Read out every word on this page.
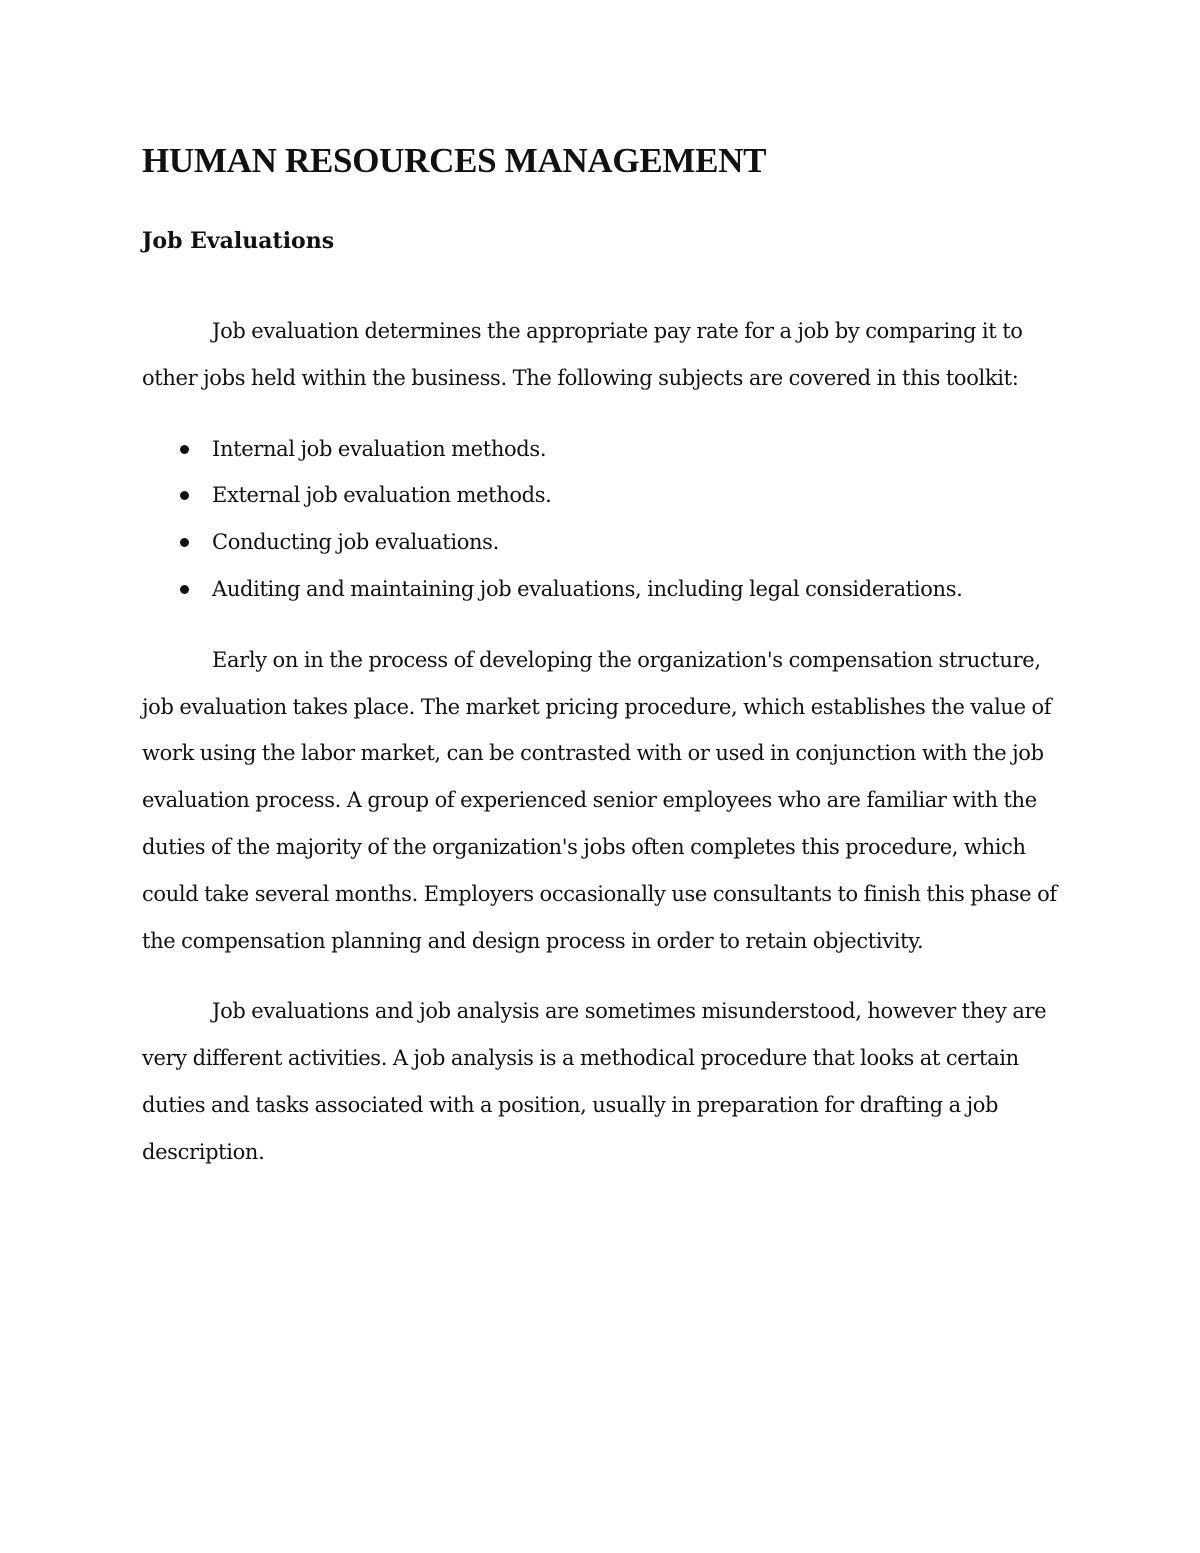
HUMAN RESOURCES MANAGEMENT
Job Evaluations

Job evaluation determines the appropriate pay rate for a job by comparing it to other jobs held within the business. The following subjects are covered in this toolkit:

Internal job evaluation methods.
External job evaluation methods.
Conducting job evaluations.
Auditing and maintaining job evaluations, including legal considerations.

Early on in the process of developing the organization's compensation structure, job evaluation takes place. The market pricing procedure, which establishes the value of work using the labor market, can be contrasted with or used in conjunction with the job evaluation process. A group of experienced senior employees who are familiar with the duties of the majority of the organization's jobs often completes this procedure, which could take several months. Employers occasionally use consultants to finish this phase of the compensation planning and design process in order to retain objectivity.

Job evaluations and job analysis are sometimes misunderstood, however they are very different activities. A job analysis is a methodical procedure that looks at certain duties and tasks associated with a position, usually in preparation for drafting a job description.
